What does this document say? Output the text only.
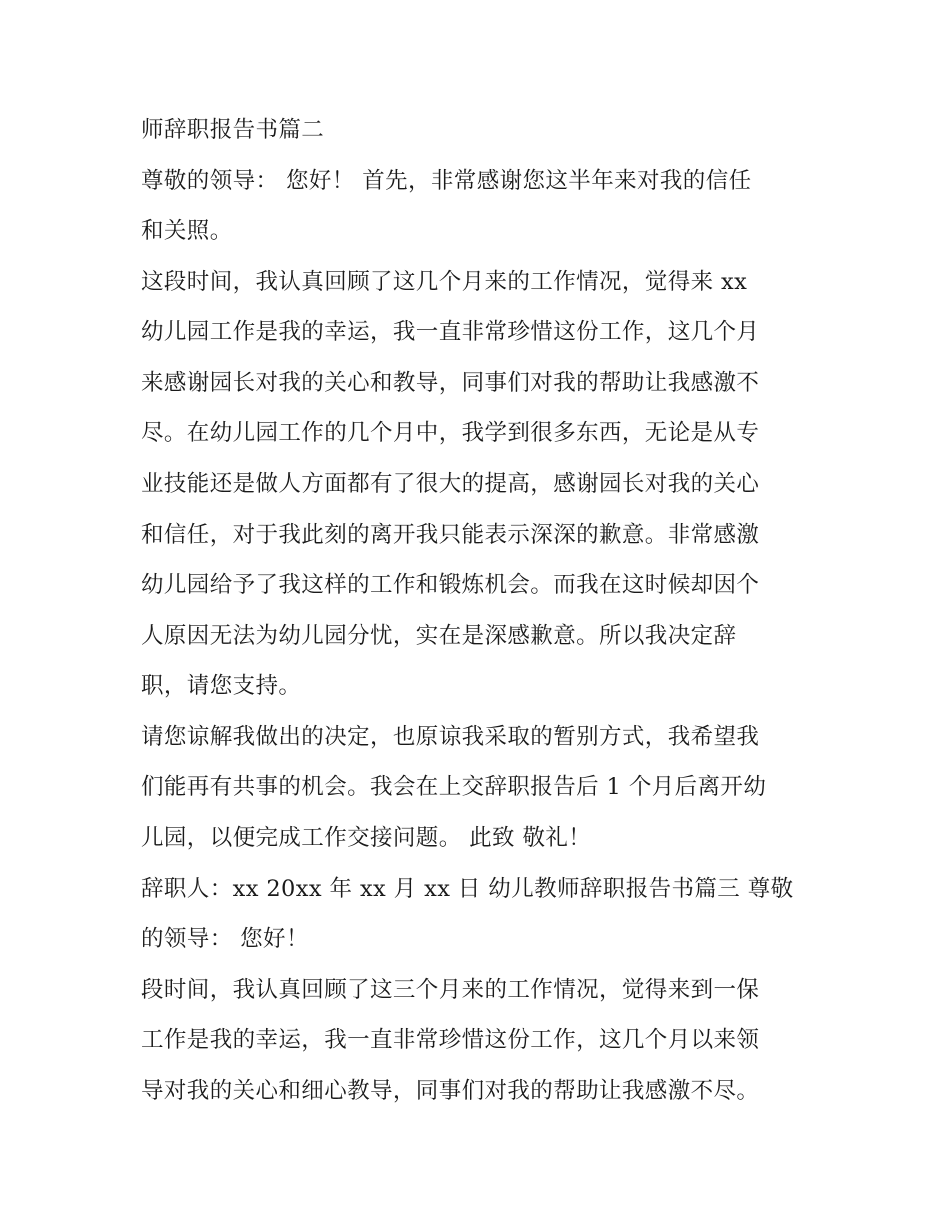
师辞职报告书篇二
尊敬的领导： 您好！ 首先，非常感谢您这半年来对我的信任
和关照。
这段时间，我认真回顾了这几个月来的工作情况，觉得来 xx
幼儿园工作是我的幸运，我一直非常珍惜这份工作，这几个月
来感谢园长对我的关心和教导，同事们对我的帮助让我感激不
尽。在幼儿园工作的几个月中，我学到很多东西，无论是从专
业技能还是做人方面都有了很大的提高，感谢园长对我的关心
和信任，对于我此刻的离开我只能表示深深的歉意。非常感激
幼儿园给予了我这样的工作和锻炼机会。而我在这时候却因个
人原因无法为幼儿园分忧，实在是深感歉意。所以我决定辞
职，请您支持。
请您谅解我做出的决定，也原谅我采取的暂别方式，我希望我
们能再有共事的机会。我会在上交辞职报告后 1 个月后离开幼
儿园，以便完成工作交接问题。 此致 敬礼！
辞职人：xx 20xx 年 xx 月 xx 日 幼儿教师辞职报告书篇三 尊敬
的领导： 您好！
段时间，我认真回顾了这三个月来的工作情况，觉得来到一保
工作是我的幸运，我一直非常珍惜这份工作，这几个月以来领
导对我的关心和细心教导，同事们对我的帮助让我感激不尽。
